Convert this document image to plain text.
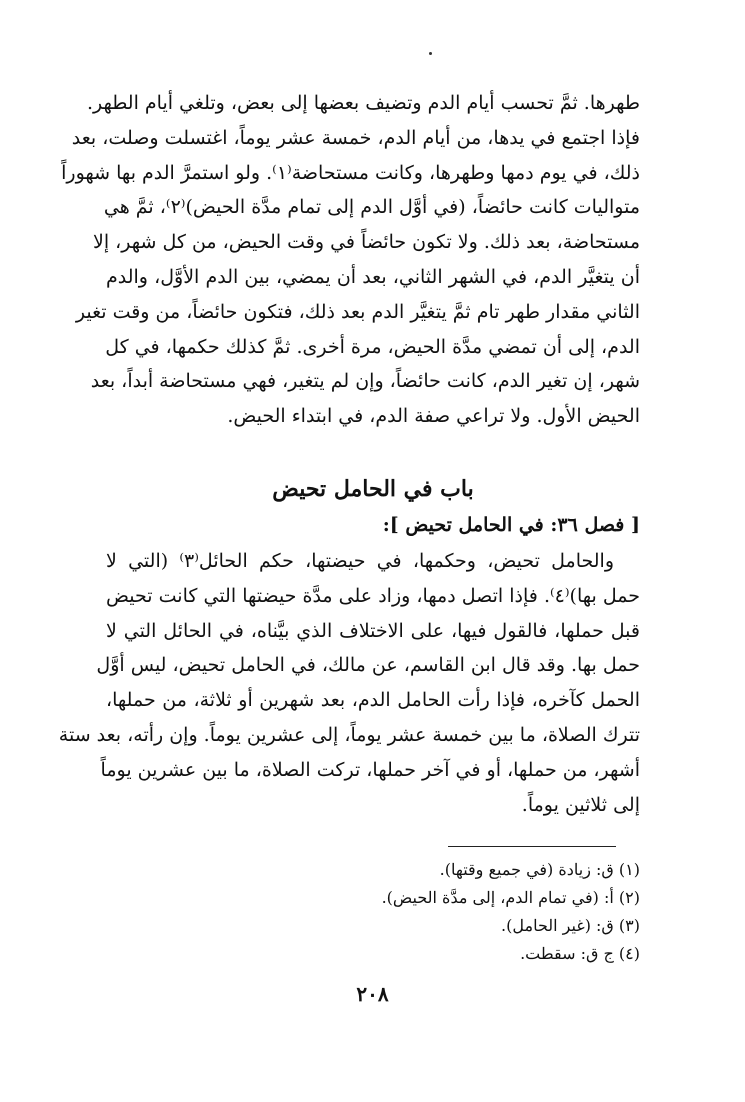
طهرها. ثمَّ تحسب أيام الدم وتضيف بعضها إلى بعض، وتلغي أيام الطهر.
فإذا اجتمع في يدها، من أيام الدم، خمسة عشر يوماً، اغتسلت وصلت، بعد
ذلك، في يوم دمها وطهرها، وكانت مستحاضة⁽١⁾. ولو استمرَّ الدم بها شهوراً
متواليات كانت حائضاً، (في أوَّل الدم إلى تمام مدَّة الحيض)⁽٢⁾، ثمَّ هي
مستحاضة، بعد ذلك. ولا تكون حائضاً في وقت الحيض، من كل شهر، إلا
أن يتغيَّر الدم، في الشهر الثاني، بعد أن يمضي، بين الدم الأوَّل، والدم
الثاني مقدار طهر تام ثمَّ يتغيَّر الدم بعد ذلك، فتكون حائضاً، من وقت تغير
الدم، إلى أن تمضي مدَّة الحيض، مرة أخرى. ثمَّ كذلك حكمها، في كل
شهر، إن تغير الدم، كانت حائضاً، وإن لم يتغير، فهي مستحاضة أبداً، بعد
الحيض الأول. ولا تراعي صفة الدم، في ابتداء الحيض.
باب في الحامل تحيض
[ فصل ٣٦: في الحامل تحيض ]:
والحامل تحيض، وحكمها، في حيضتها، حكم الحائل⁽٣⁾ (التي لا
حمل بها)⁽٤⁾. فإذا اتصل دمها، وزاد على مدَّة حيضتها التي كانت تحيض
قبل حملها، فالقول فيها، على الاختلاف الذي بيَّناه، في الحائل التي لا
حمل بها. وقد قال ابن القاسم، عن مالك، في الحامل تحيض، ليس أوَّل
الحمل كآخره، فإذا رأت الحامل الدم، بعد شهرين أو ثلاثة، من حملها،
تترك الصلاة، ما بين خمسة عشر يوماً، إلى عشرين يوماً. وإن رأته، بعد ستة
أشهر، من حملها، أو في آخر حملها، تركت الصلاة، ما بين عشرين يوماً
إلى ثلاثين يوماً.
(١) ق: زيادة (في جميع وقتها).
(٢) أ: (في تمام الدم، إلى مدَّة الحيض).
(٣) ق: (غير الحامل).
(٤) ج ق: سقطت.
٢٠٨
